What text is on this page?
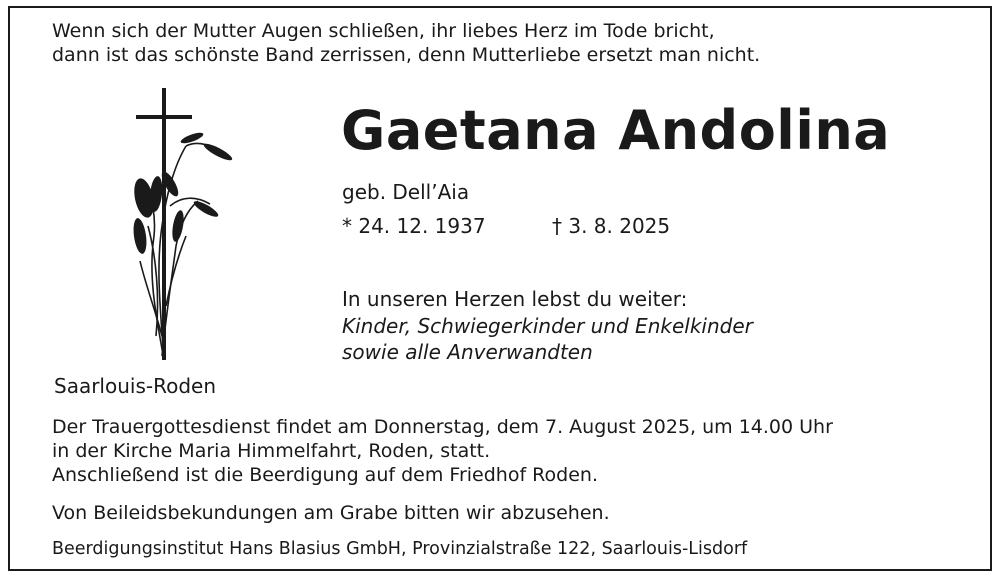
Wenn sich der Mutter Augen schließen, ihr liebes Herz im Tode bricht,
dann ist das schönste Band zerrissen, denn Mutterliebe ersetzt man nicht.
Gaetana Andolina
geb. Dell’Aia
* 24. 12. 1937	† 3. 8. 2025
In unseren Herzen lebst du weiter:
Kinder, Schwiegerkinder und Enkelkinder
sowie alle Anverwandten
Saarlouis-Roden
Der Trauergottesdienst findet am Donnerstag, dem 7. August 2025, um 14.00 Uhr
in der Kirche Maria Himmelfahrt, Roden, statt.
Anschließend ist die Beerdigung auf dem Friedhof Roden.
Von Beileidsbekundungen am Grabe bitten wir abzusehen.
Beerdigungsinstitut Hans Blasius GmbH, Provinzialstraße 122, Saarlouis-Lisdorf
